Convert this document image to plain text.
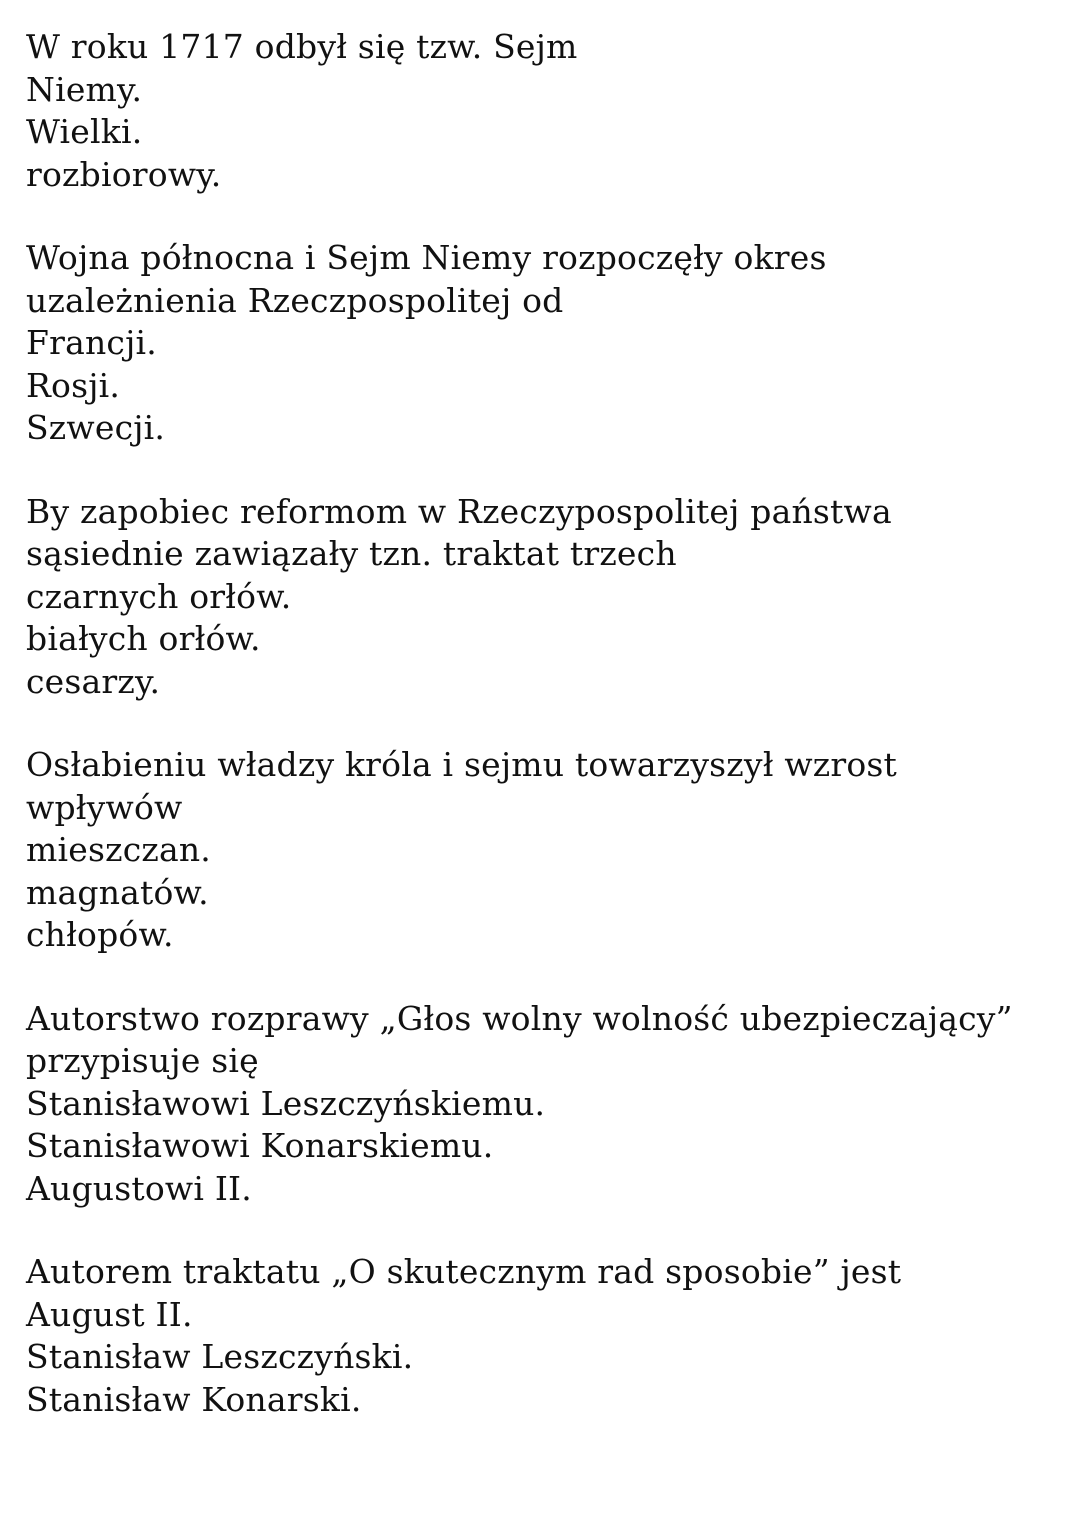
W roku 1717 odbył się tzw. Sejm
Niemy.
Wielki.
rozbiorowy.
Wojna północna i Sejm Niemy rozpoczęły okres
uzależnienia Rzeczpospolitej od
Francji.
Rosji.
Szwecji.
By zapobiec reformom w Rzeczypospolitej państwa
sąsiednie zawiązały tzn. traktat trzech
czarnych orłów.
białych orłów.
cesarzy.
Osłabieniu władzy króla i sejmu towarzyszył wzrost
wpływów
mieszczan.
magnatów.
chłopów.
Autorstwo rozprawy „Głos wolny wolność ubezpieczający”
przypisuje się
Stanisławowi Leszczyńskiemu.
Stanisławowi Konarskiemu.
Augustowi II.
Autorem traktatu „O skutecznym rad sposobie” jest
August II.
Stanisław Leszczyński.
Stanisław Konarski.
